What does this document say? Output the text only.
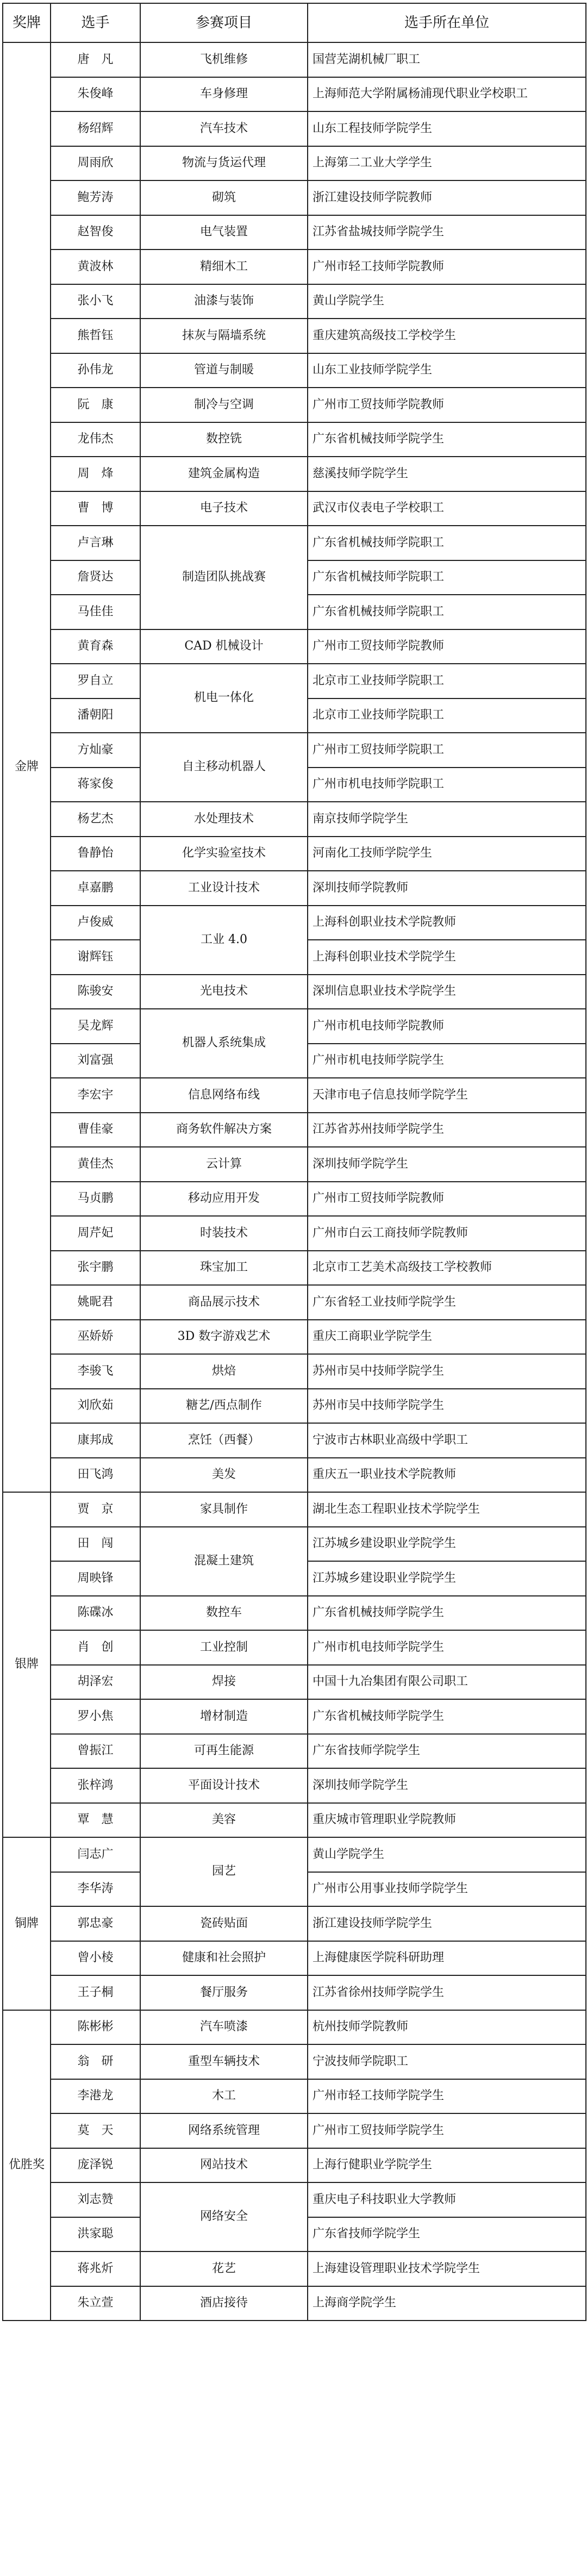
奖牌	选手	参赛项目	选手所在单位
金牌	唐　凡	飞机维修	国营芜湖机械厂职工
	朱俊峰	车身修理	上海师范大学附属杨浦现代职业学校职工
	杨绍辉	汽车技术	山东工程技师学院学生
	周雨欣	物流与货运代理	上海第二工业大学学生
	鲍芳涛	砌筑	浙江建设技师学院教师
	赵智俊	电气装置	江苏省盐城技师学院学生
	黄波林	精细木工	广州市轻工技师学院教师
	张小飞	油漆与装饰	黄山学院学生
	熊哲钰	抹灰与隔墙系统	重庆建筑高级技工学校学生
	孙伟龙	管道与制暖	山东工业技师学院学生
	阮　康	制冷与空调	广州市工贸技师学院教师
	龙伟杰	数控铣	广东省机械技师学院学生
	周　烽	建筑金属构造	慈溪技师学院学生
	曹　博	电子技术	武汉市仪表电子学校职工
	卢言琳	制造团队挑战赛	广东省机械技师学院职工
	詹贤达		广东省机械技师学院职工
	马佳佳		广东省机械技师学院职工
	黄育森	CAD 机械设计	广州市工贸技师学院教师
	罗自立	机电一体化	北京市工业技师学院职工
	潘朝阳		北京市工业技师学院职工
	方灿豪	自主移动机器人	广州市工贸技师学院职工
	蒋家俊		广州市机电技师学院职工
	杨艺杰	水处理技术	南京技师学院学生
	鲁静怡	化学实验室技术	河南化工技师学院学生
	卓嘉鹏	工业设计技术	深圳技师学院教师
	卢俊威	工业 4.0	上海科创职业技术学院教师
	谢辉钰		上海科创职业技术学院学生
	陈骏安	光电技术	深圳信息职业技术学院学生
	吴龙辉	机器人系统集成	广州市机电技师学院教师
	刘富强		广州市机电技师学院学生
	李宏宇	信息网络布线	天津市电子信息技师学院学生
	曹佳豪	商务软件解决方案	江苏省苏州技师学院学生
	黄佳杰	云计算	深圳技师学院学生
	马贞鹏	移动应用开发	广州市工贸技师学院教师
	周芹妃	时装技术	广州市白云工商技师学院教师
	张宇鹏	珠宝加工	北京市工艺美术高级技工学校教师
	姚昵君	商品展示技术	广东省轻工业技师学院学生
	巫娇娇	3D 数字游戏艺术	重庆工商职业学院学生
	李骏飞	烘焙	苏州市吴中技师学院学生
	刘欣茹	糖艺/西点制作	苏州市吴中技师学院学生
	康邦成	烹饪（西餐）	宁波市古林职业高级中学职工
	田飞鸿	美发	重庆五一职业技术学院教师
银牌	贾　京	家具制作	湖北生态工程职业技术学院学生
	田　闯	混凝土建筑	江苏城乡建设职业学院学生
	周映锋		江苏城乡建设职业学院学生
	陈碟冰	数控车	广东省机械技师学院学生
	肖　创	工业控制	广州市机电技师学院学生
	胡泽宏	焊接	中国十九冶集团有限公司职工
	罗小焦	增材制造	广东省机械技师学院学生
	曾振江	可再生能源	广东省技师学院学生
	张梓鸿	平面设计技术	深圳技师学院学生
	覃　慧	美容	重庆城市管理职业学院教师
铜牌	闫志广	园艺	黄山学院学生
	李华涛		广州市公用事业技师学院学生
	郭忠豪	瓷砖贴面	浙江建设技师学院学生
	曾小棱	健康和社会照护	上海健康医学院科研助理
	王子桐	餐厅服务	江苏省徐州技师学院学生
优胜奖	陈彬彬	汽车喷漆	杭州技师学院教师
	翁　研	重型车辆技术	宁波技师学院职工
	李港龙	木工	广州市轻工技师学院学生
	莫　天	网络系统管理	广州市工贸技师学院学生
	庞泽锐	网站技术	上海行健职业学院学生
	刘志赞	网络安全	重庆电子科技职业大学教师
	洪家聪		广东省技师学院学生
	蒋兆炘	花艺	上海建设管理职业技术学院学生
	朱立萱	酒店接待	上海商学院学生
